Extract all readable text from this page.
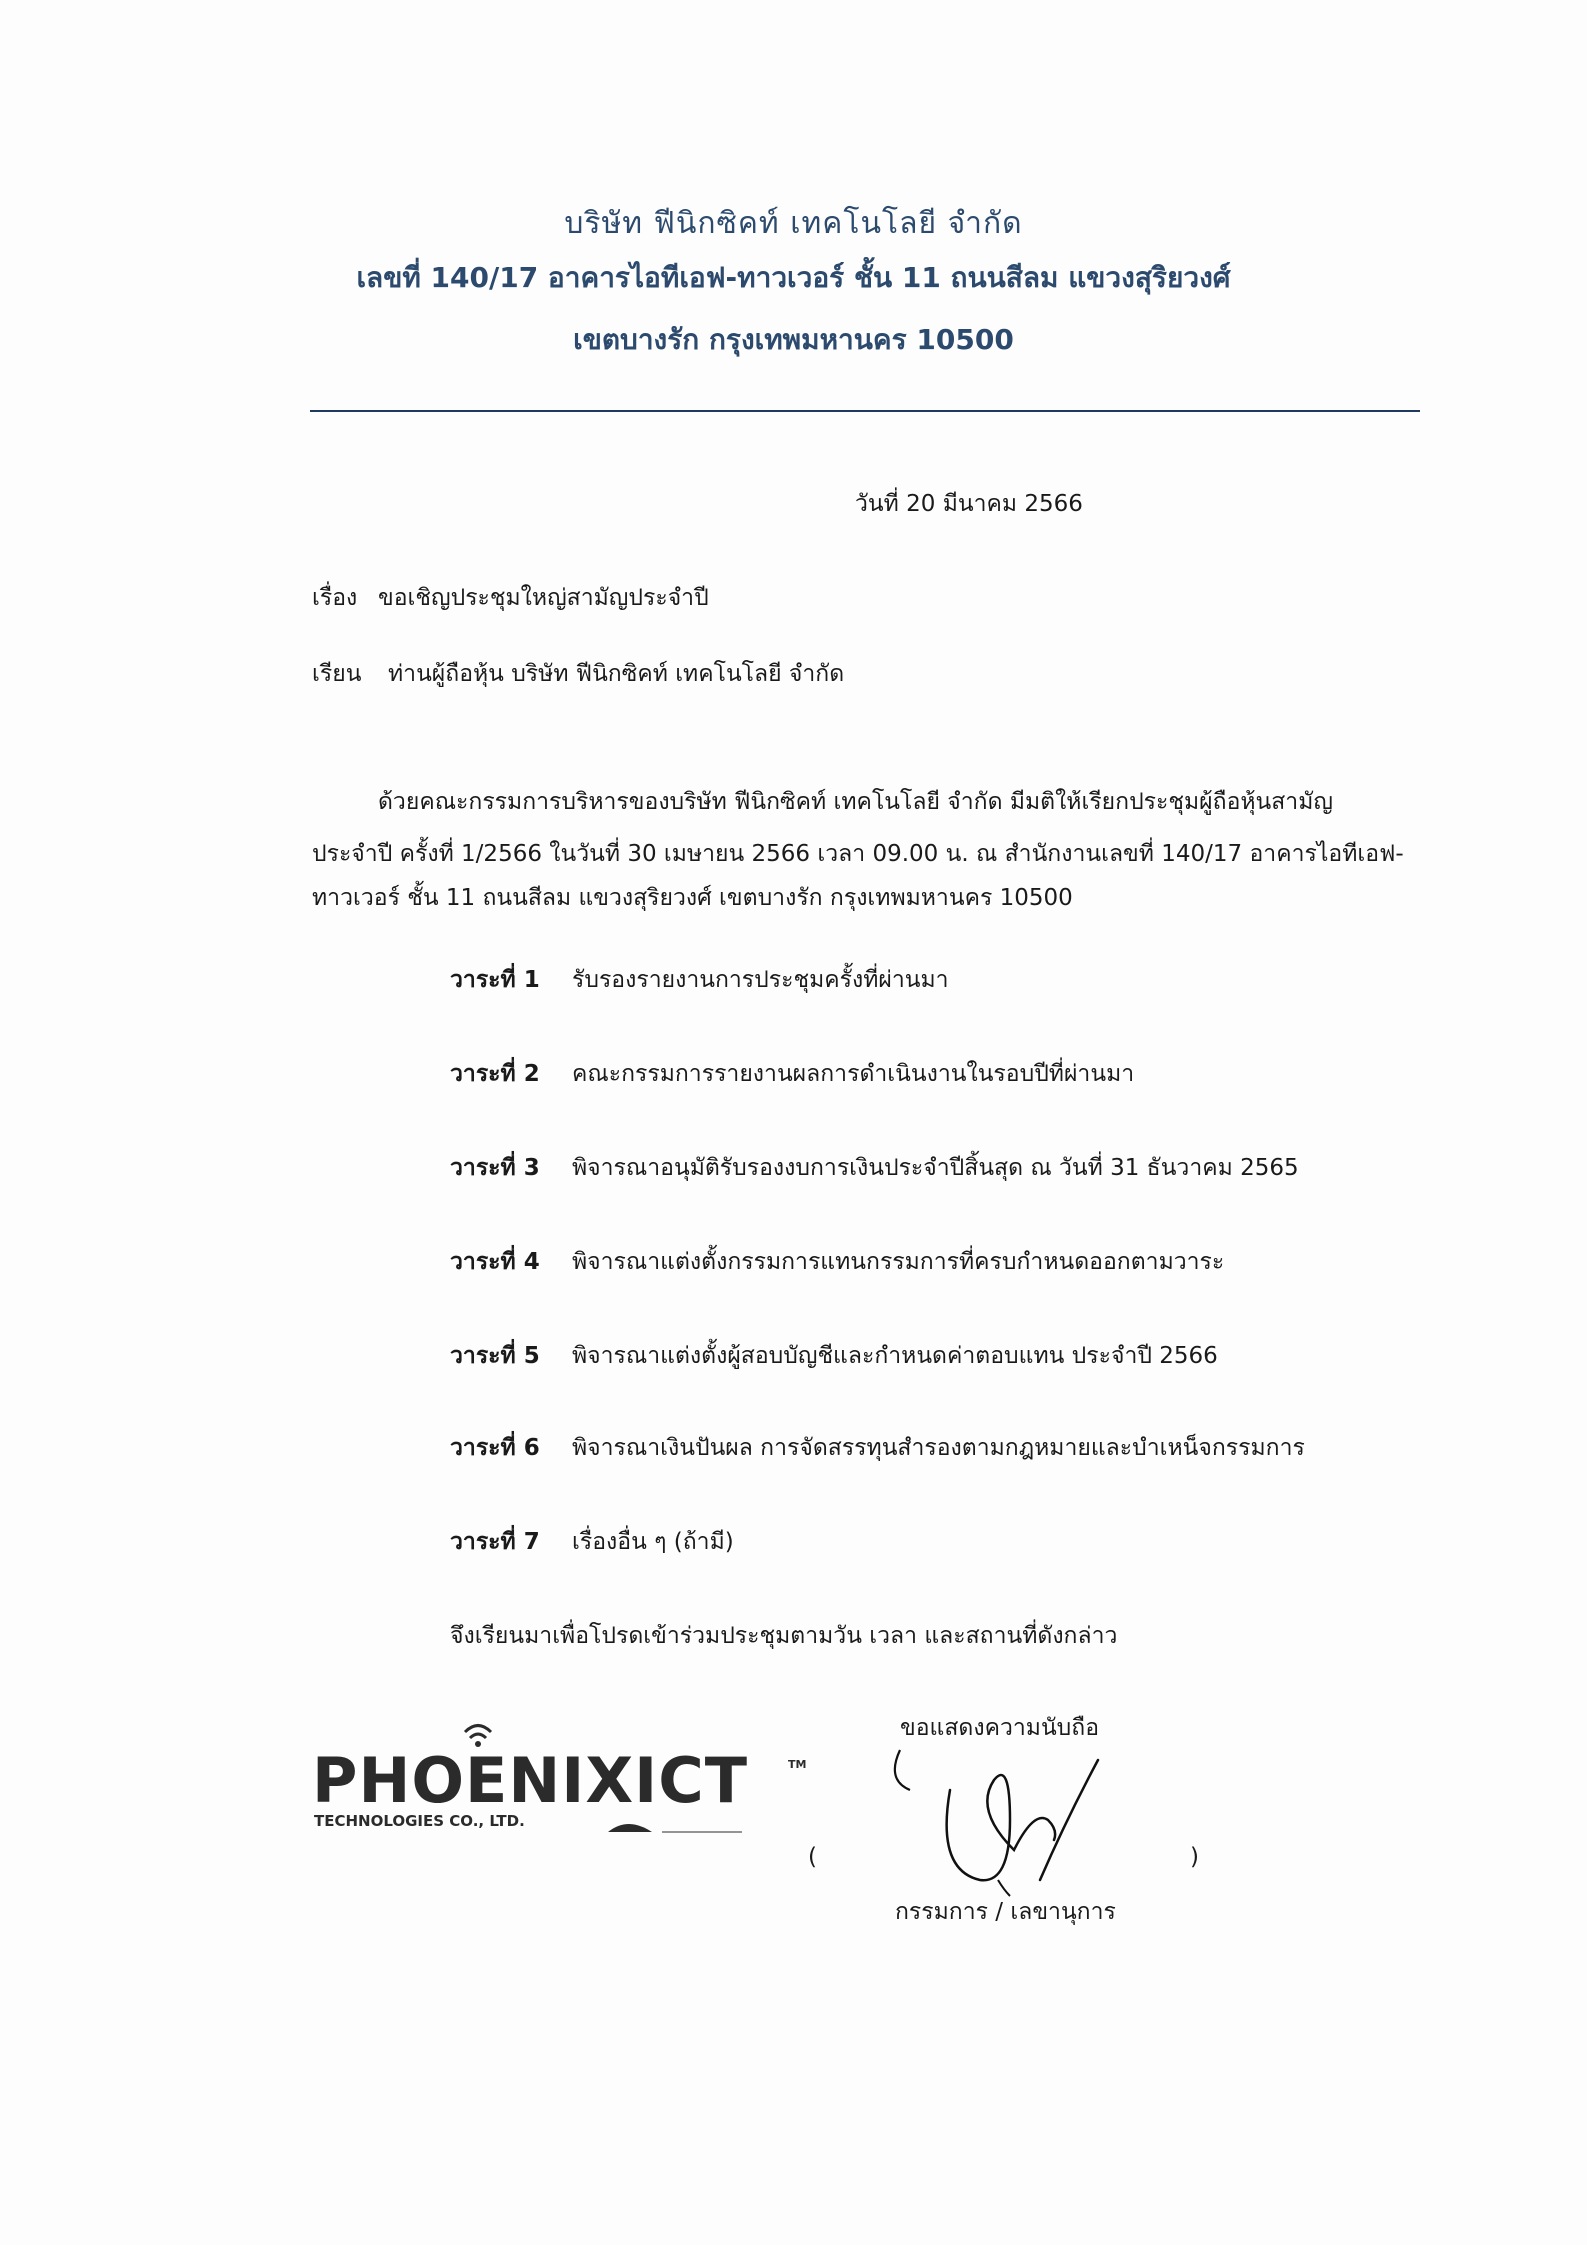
บริษัท ฟีนิกซิคท์ เทคโนโลยี จำกัด
เลขที่ 140/17 อาคารไอทีเอฟ-ทาวเวอร์ ชั้น 11 ถนนสีลม แขวงสุริยวงศ์
เขตบางรัก กรุงเทพมหานคร 10500
วันที่ 20 มีนาคม 2566
เรื่อง ขอเชิญประชุมใหญ่สามัญประจำปี
เรียน ท่านผู้ถือหุ้น บริษัท ฟีนิกซิคท์ เทคโนโลยี จำกัด
ด้วยคณะกรรมการบริหารของบริษัท ฟีนิกซิคท์ เทคโนโลยี จำกัด มีมติให้เรียกประชุมผู้ถือหุ้นสามัญ
ประจำปี ครั้งที่ 1/2566 ในวันที่ 30 เมษายน 2566 เวลา 09.00 น. ณ สำนักงานเลขที่ 140/17 อาคารไอทีเอฟ-
ทาวเวอร์ ชั้น 11 ถนนสีลม แขวงสุริยวงศ์ เขตบางรัก กรุงเทพมหานคร 10500
วาระที่ 1 รับรองรายงานการประชุมครั้งที่ผ่านมา
วาระที่ 2 คณะกรรมการรายงานผลการดำเนินงานในรอบปีที่ผ่านมา
วาระที่ 3 พิจารณาอนุมัติรับรองงบการเงินประจำปีสิ้นสุด ณ วันที่ 31 ธันวาคม 2565
วาระที่ 4 พิจารณาแต่งตั้งกรรมการแทนกรรมการที่ครบกำหนดออกตามวาระ
วาระที่ 5 พิจารณาแต่งตั้งผู้สอบบัญชีและกำหนดค่าตอบแทน ประจำปี 2566
วาระที่ 6 พิจารณาเงินปันผล การจัดสรรทุนสำรองตามกฎหมายและบำเหน็จกรรมการ
วาระที่ 7 เรื่องอื่น ๆ (ถ้ามี)
จึงเรียนมาเพื่อโปรดเข้าร่วมประชุมตามวัน เวลา และสถานที่ดังกล่าว
ขอแสดงความนับถือ
PHOENIXICT	TM
TECHNOLOGIES CO., LTD.
(	)
กรรมการ / เลขานุการ
